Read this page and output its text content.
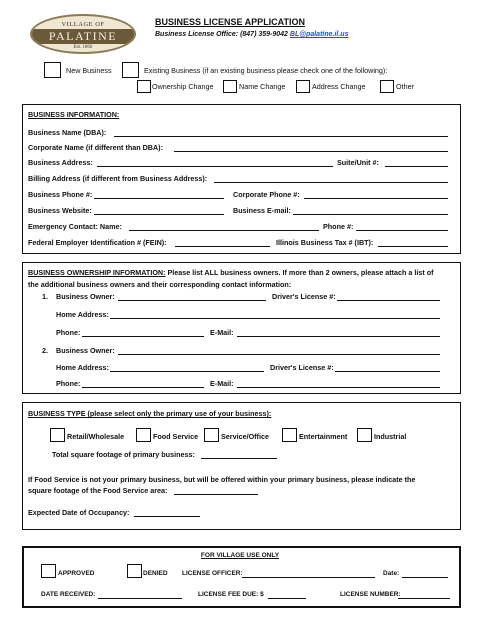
VILLAGE OF
PALATINE
Est. 1866
BUSINESS LICENSE APPLICATION
Business License Office: (847) 359-9042 BL@palatine.il.us
New Business	Existing Business (if an existing business please check one of the following):
Ownership Change	Name Change	Address Change	Other
BUSINESS INFORMATION:
Business Name (DBA):
Corporate Name (if different than DBA):
Business Address:	Suite/Unit #:
Billing Address (if different from Business Address):
Business Phone #:	Corporate Phone #:
Business Website:	Business E-mail:
Emergency Contact: Name:	Phone #:
Federal Employer Identification # (FEIN):	Illinois Business Tax # (IBT):
BUSINESS OWNERSHIP INFORMATION: Please list ALL business owners. If more than 2 owners, please attach a list of
the additional business owners and their corresponding contact information:
1. Business Owner:	Driver's License #:
Home Address:
Phone:	E-Mail:
2. Business Owner:
Home Address:	Driver's License #:
Phone:	E-Mail:
BUSINESS TYPE (please select only the primary use of your business):
Retail/Wholesale	Food Service	Service/Office	Entertainment	Industrial
Total square footage of primary business:
If Food Service is not your primary business, but will be offered within your primary business, please indicate the
square footage of the Food Service area:
Expected Date of Occupancy:
FOR VILLAGE USE ONLY
APPROVED	DENIED LICENSE OFFICER:	Date:
DATE RECEIVED:	LICENSE FEE DUE: $	LICENSE NUMBER:
